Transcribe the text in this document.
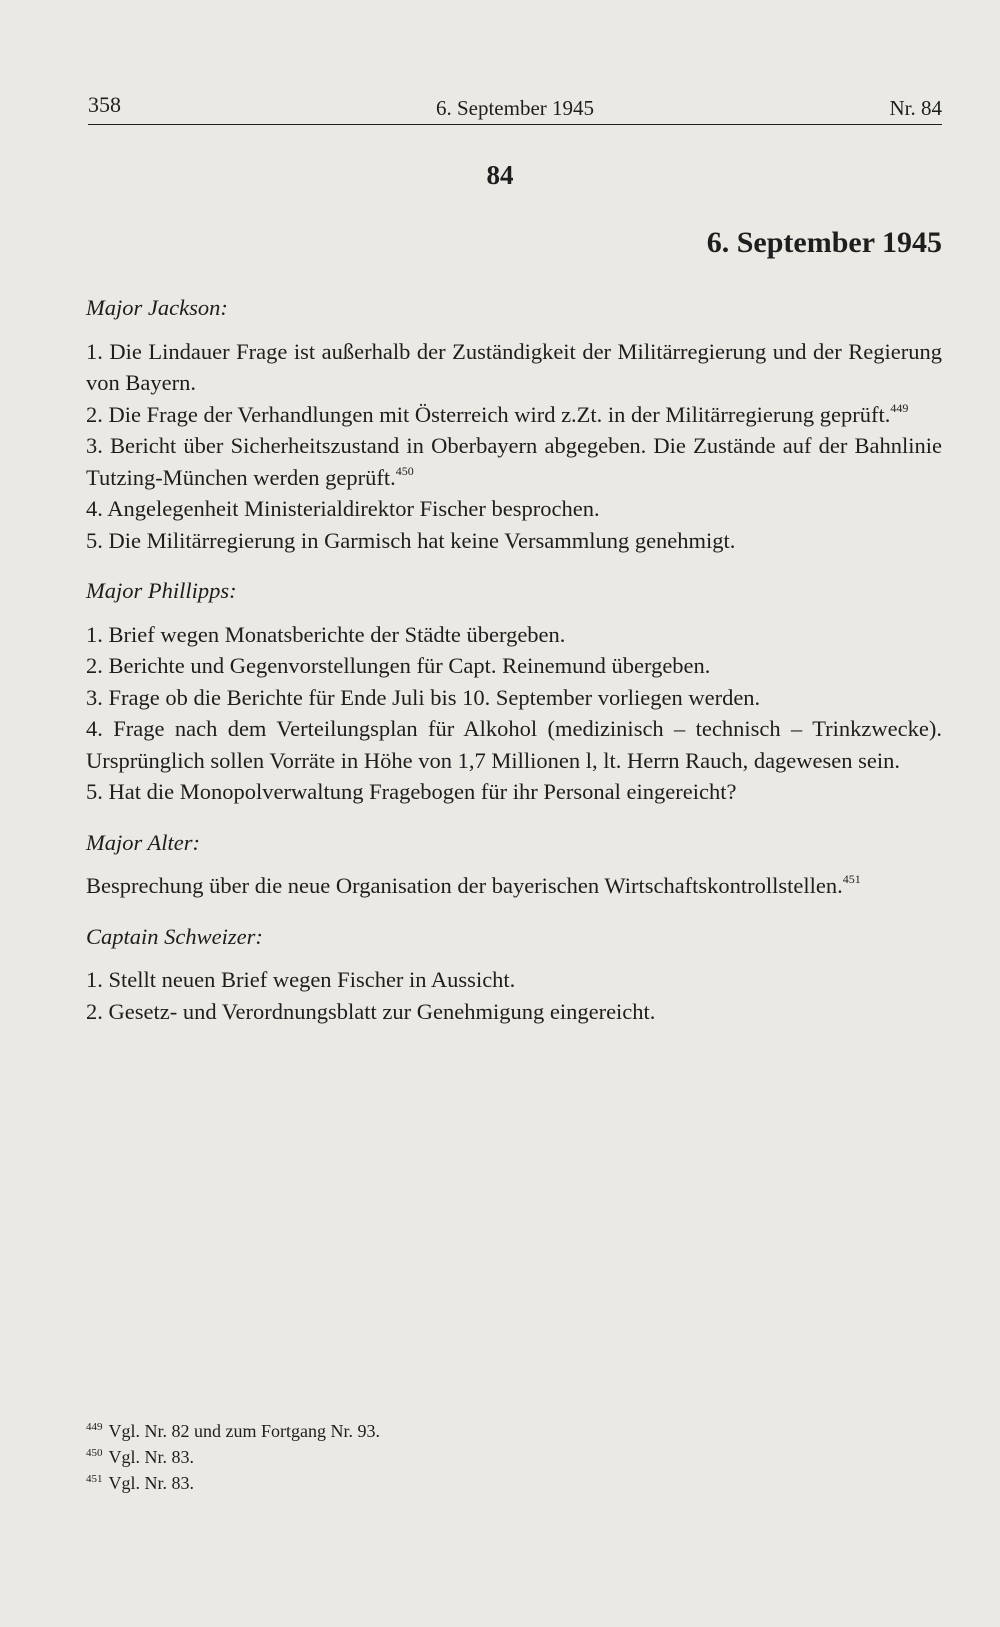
358	6. September 1945	Nr. 84
84
6. September 1945

Major Jackson:

1. Die Lindauer Frage ist außerhalb der Zuständigkeit der Militärregierung und der Regierung von Bayern.

2. Die Frage der Verhandlungen mit Österreich wird z.Zt. in der Militärregierung geprüft.$^{449}$

3. Bericht über Sicherheitszustand in Oberbayern abgegeben. Die Zustände auf der Bahnlinie Tutzing-München werden geprüft.$^{450}$

4. Angelegenheit Ministerialdirektor Fischer besprochen.

5. Die Militärregierung in Garmisch hat keine Versammlung genehmigt.

Major Phillipps:

1. Brief wegen Monatsberichte der Städte übergeben.

2. Berichte und Gegenvorstellungen für Capt. Reinemund übergeben.

3. Frage ob die Berichte für Ende Juli bis 10. September vorliegen werden.

4. Frage nach dem Verteilungsplan für Alkohol (medizinisch – technisch – Trinkzwecke). Ursprünglich sollen Vorräte in Höhe von 1,7 Millionen l, lt. Herrn Rauch, dagewesen sein.

5. Hat die Monopolverwaltung Fragebogen für ihr Personal eingereicht?

Major Alter:

Besprechung über die neue Organisation der bayerischen Wirtschaftskontrollstellen.$^{451}$

Captain Schweizer:

1. Stellt neuen Brief wegen Fischer in Aussicht.

2. Gesetz- und Verordnungsblatt zur Genehmigung eingereicht.

$^{449}$ Vgl. Nr. 82 und zum Fortgang Nr. 93.
$^{450}$ Vgl. Nr. 83.
$^{451}$ Vgl. Nr. 83.
